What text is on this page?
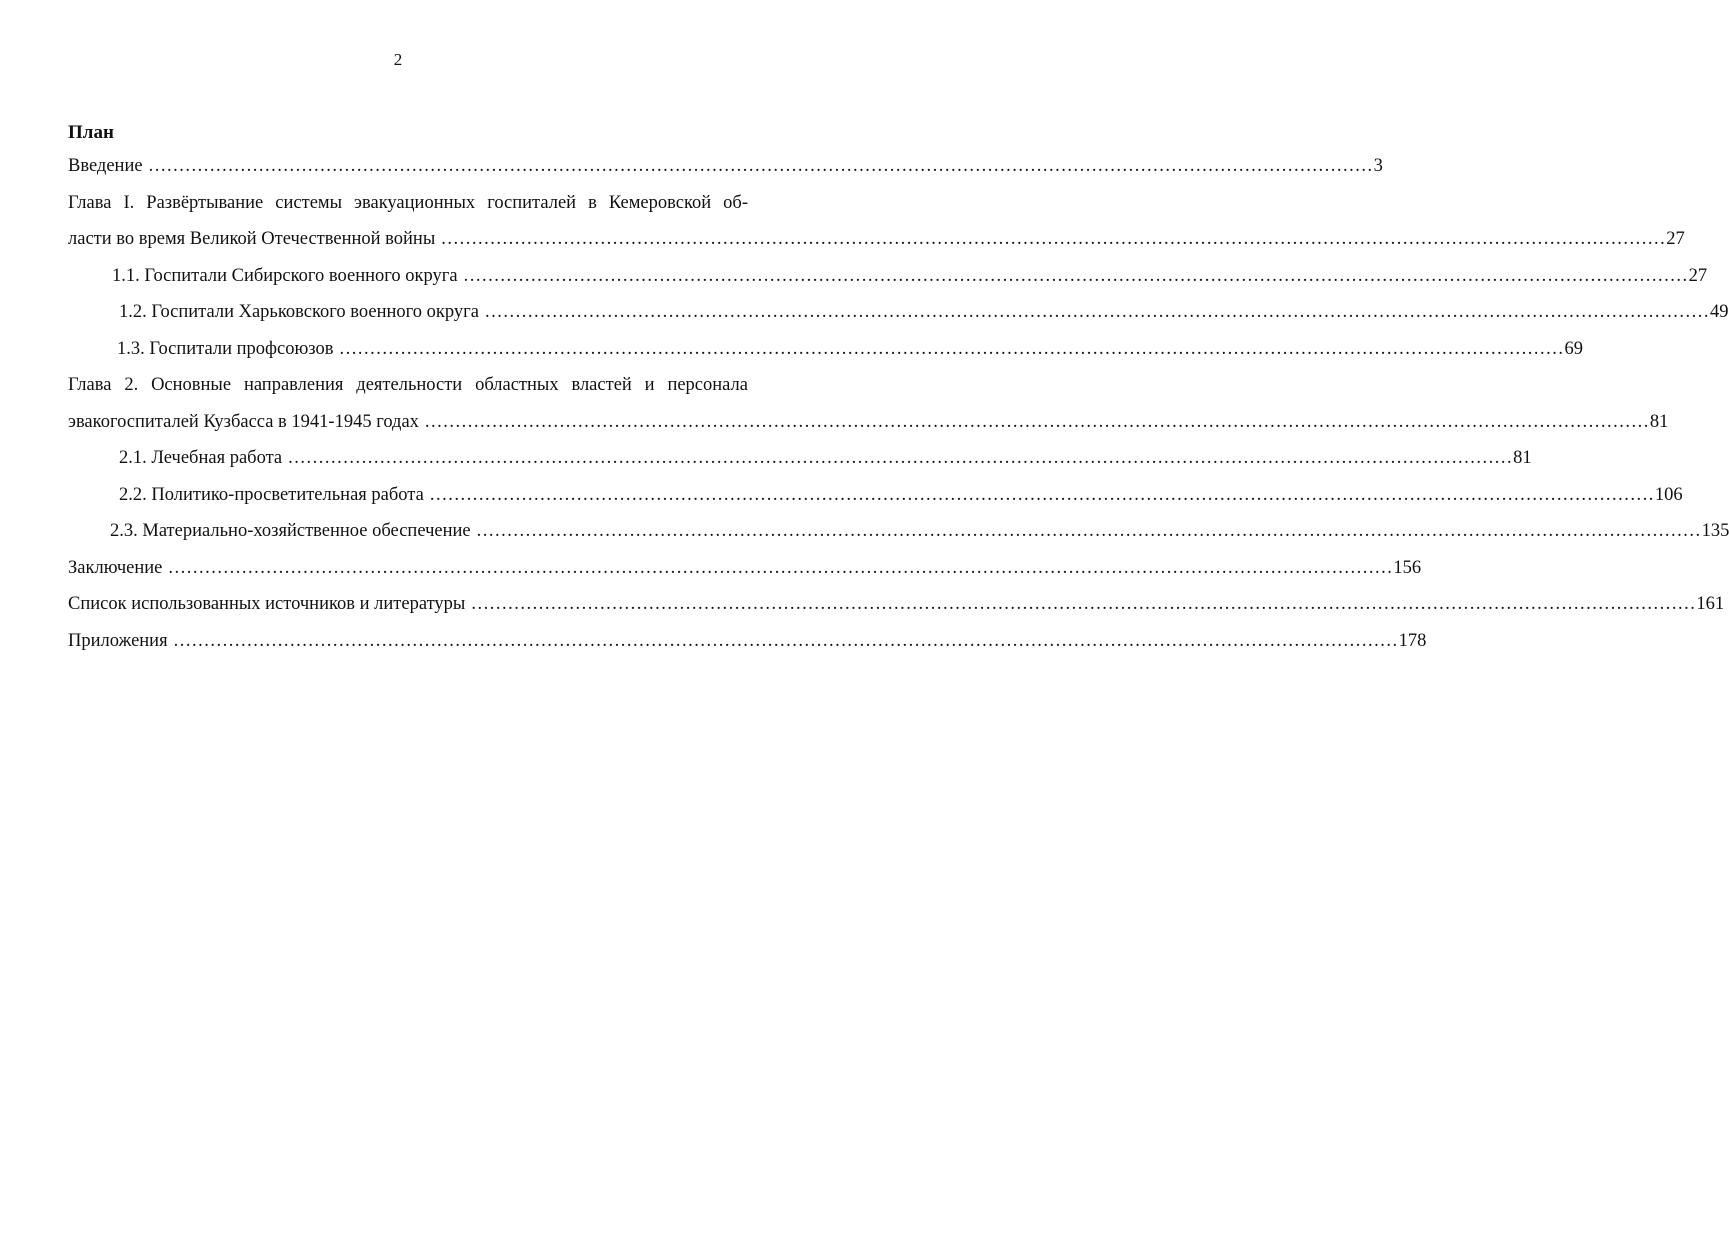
2
План
Введение ........................................................................................................................................................................................................ 3
Глава I. Развёртывание системы эвакуационных госпиталей в Кемеровской об-
ласти во время Великой Отечественной войны ........................................................................................................................................................................................................ 27
1.1. Госпитали Сибирского военного округа ........................................................................................................................................................................................................ 27
1.2. Госпитали Харьковского военного округа ........................................................................................................................................................................................................ 49
1.3. Госпитали профсоюзов ........................................................................................................................................................................................................ 69
Глава 2. Основные направления деятельности областных властей и персонала
эвакогоспиталей Кузбасса в 1941-1945 годах ........................................................................................................................................................................................................ 81
2.1. Лечебная работа ........................................................................................................................................................................................................ 81
2.2. Политико-просветительная работа ........................................................................................................................................................................................................ 106
2.3. Материально-хозяйственное обеспечение ........................................................................................................................................................................................................ 135
Заключение ........................................................................................................................................................................................................ 156
Список использованных источников и литературы ........................................................................................................................................................................................................ 161
Приложения ........................................................................................................................................................................................................ 178
